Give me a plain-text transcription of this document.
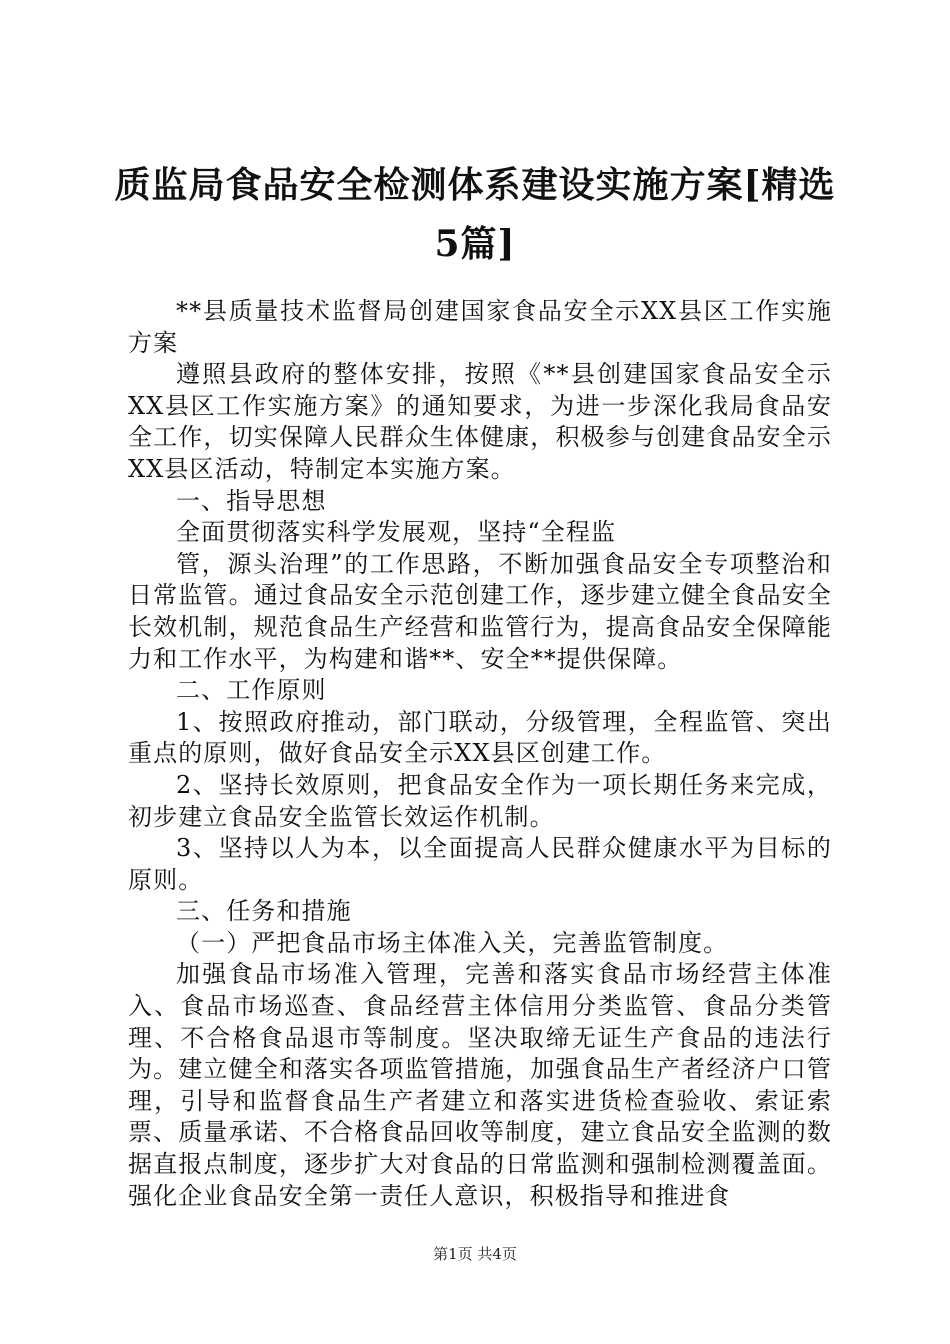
质监局食品安全检测体系建设实施方案[精选5篇]

**县质量技术监督局创建国家食品安全示XX县区工作实施方案

遵照县政府的整体安排，按照《**县创建国家食品安全示XX县区工作实施方案》的通知要求，为进一步深化我局食品安全工作，切实保障人民群众生体健康，积极参与创建食品安全示XX县区活动，特制定本实施方案。

一、指导思想

全面贯彻落实科学发展观，坚持“全程监

管，源头治理”的工作思路，不断加强食品安全专项整治和日常监管。通过食品安全示范创建工作，逐步建立健全食品安全长效机制，规范食品生产经营和监管行为，提高食品安全保障能力和工作水平，为构建和谐**、安全**提供保障。

二、工作原则

1、按照政府推动，部门联动，分级管理，全程监管、突出重点的原则，做好食品安全示XX县区创建工作。

2、坚持长效原则，把食品安全作为一项长期任务来完成，初步建立食品安全监管长效运作机制。

3、坚持以人为本，以全面提高人民群众健康水平为目标的原则。

三、任务和措施

（一）严把食品市场主体准入关，完善监管制度。

加强食品市场准入管理，完善和落实食品市场经营主体准入、食品市场巡查、食品经营主体信用分类监管、食品分类管理、不合格食品退市等制度。坚决取缔无证生产食品的违法行为。建立健全和落实各项监管措施，加强食品生产者经济户口管理，引导和监督食品生产者建立和落实进货检查验收、索证索票、质量承诺、不合格食品回收等制度，建立食品安全监测的数据直报点制度，逐步扩大对食品的日常监测和强制检测覆盖面。强化企业食品安全第一责任人意识，积极指导和推进食

第1页 共4页
